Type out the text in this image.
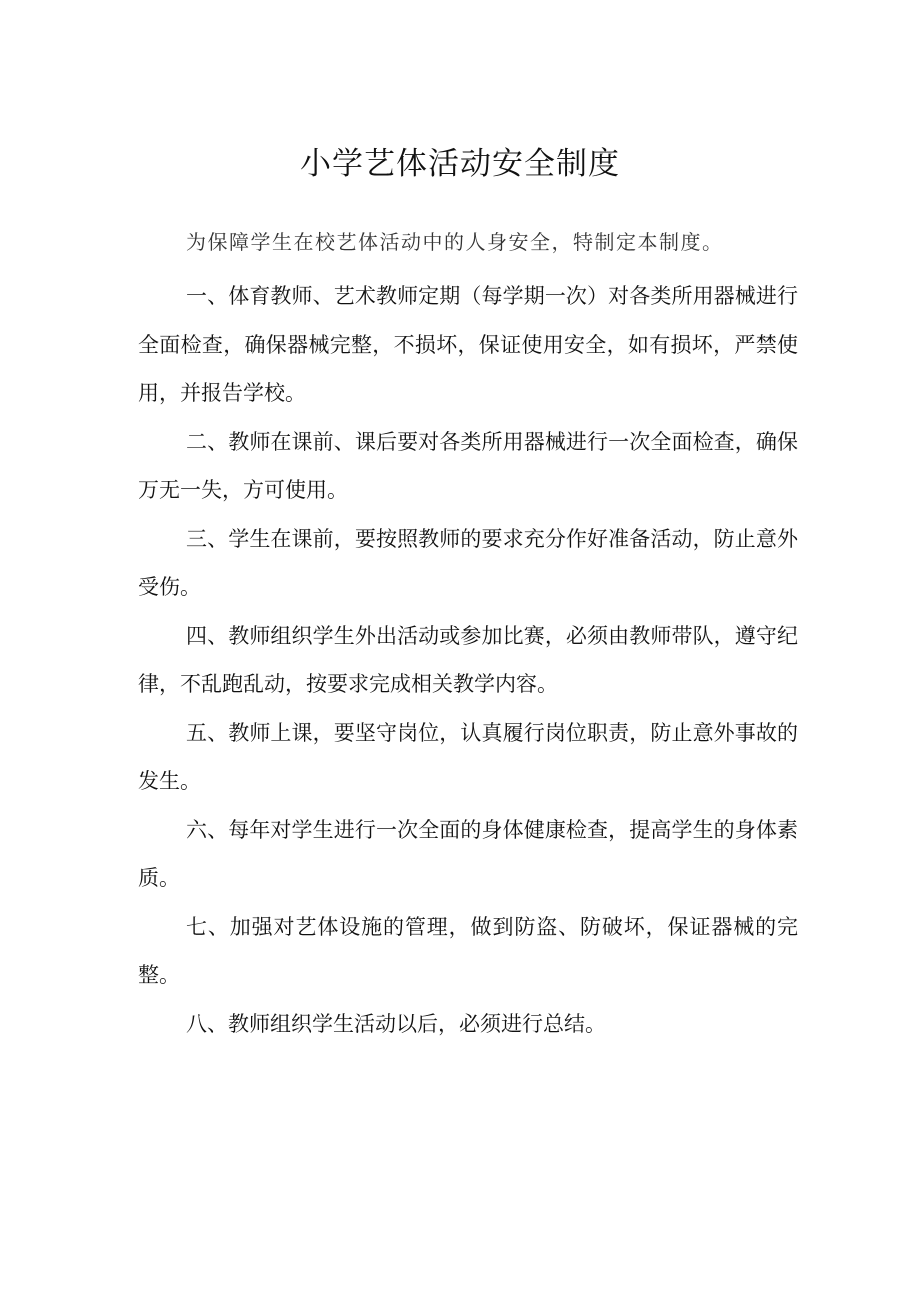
小学艺体活动安全制度

为保障学生在校艺体活动中的人身安全，特制定本制度。

一、体育教师、艺术教师定期（每学期一次）对各类所用器械进行全面检查，确保器械完整，不损坏，保证使用安全，如有损坏，严禁使用，并报告学校。

二、教师在课前、课后要对各类所用器械进行一次全面检查，确保万无一失，方可使用。

三、学生在课前，要按照教师的要求充分作好准备活动，防止意外受伤。

四、教师组织学生外出活动或参加比赛，必须由教师带队，遵守纪律，不乱跑乱动，按要求完成相关教学内容。

五、教师上课，要坚守岗位，认真履行岗位职责，防止意外事故的发生。

六、每年对学生进行一次全面的身体健康检查，提高学生的身体素质。

七、加强对艺体设施的管理，做到防盗、防破坏，保证器械的完整。

八、教师组织学生活动以后，必须进行总结。
